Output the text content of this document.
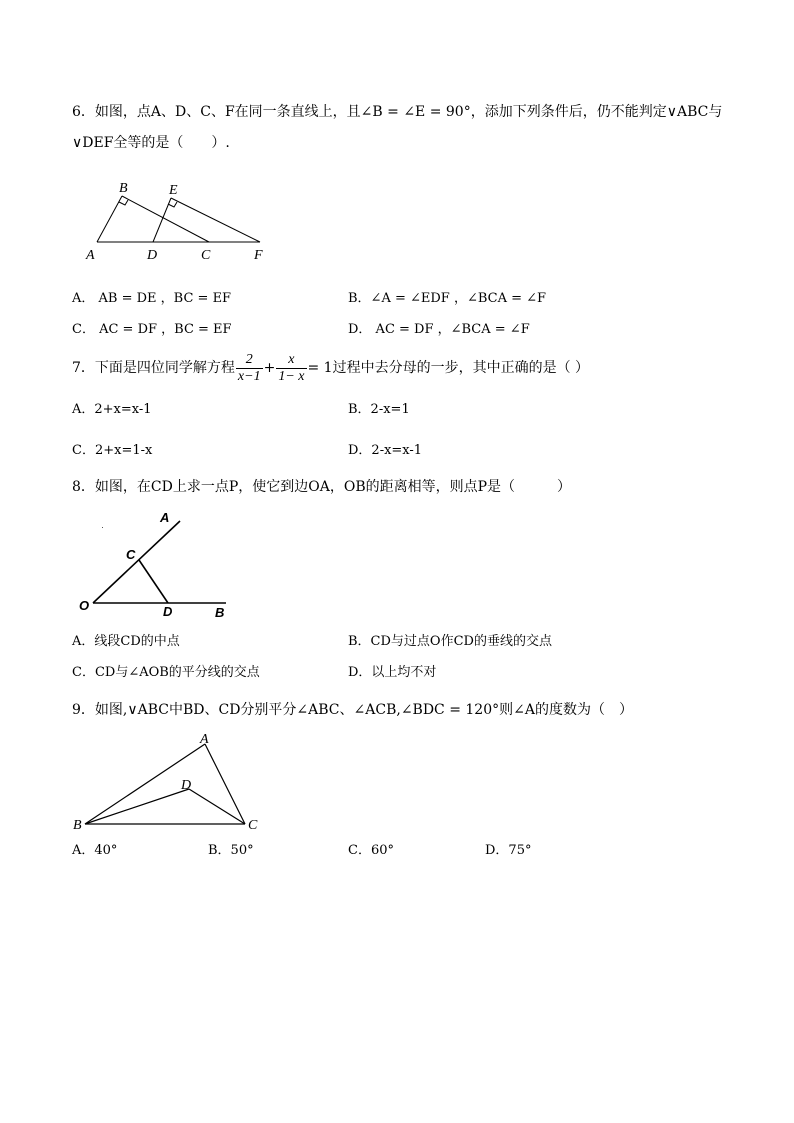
6．如图，点A、D、C、F在同一条直线上，且∠B = ∠E = 90°，添加下列条件后，仍不能判定∨ABC与
∨DEF全等的是（　　）.
A
B
D
E
C	F
A． AB = DE ，BC = EF	B．∠A = ∠EDF ，∠BCA = ∠F
C． AC = DF ，BC = EF	D． AC = DF ，∠BCA = ∠F
7．下面是四位同学解方程 $\frac{2}{x-1} + \frac{x}{1- x} = 1$过程中去分母的一步，其中正确的是（ ）
A．2+x=x-1	B．2-x=1
C．2+x=1-x	D．2-x=x-1
8．如图，在CD上求一点P，使它到边OA，OB的距离相等，则点P是（　　　）
A
C
O	D	B
A．线段CD的中点	B．CD与过点O作CD的垂线的交点
C．CD与∠AOB的平分线的交点	D．以上均不对
9．如图,∨ABC中BD、CD分别平分∠ABC、∠ACB,∠BDC = 120°则∠A的度数为（　）
A
D
B	C
A．40°	B．50°	C．60°	D．75°
